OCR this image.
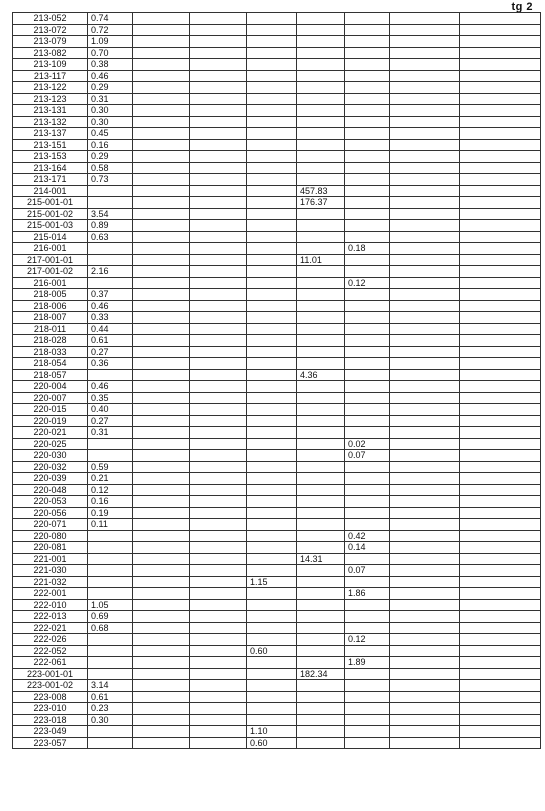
tg 2
213-052	0.74							
213-072	0.72							
213-079	1.09							
213-082	0.70							
213-109	0.38							
213-117	0.46							
213-122	0.29							
213-123	0.31							
213-131	0.30							
213-132	0.30							
213-137	0.45							
213-151	0.16							
213-153	0.29							
213-164	0.58							
213-171	0.73							
214-001					457.83			
215-001-01					176.37			
215-001-02	3.54							
215-001-03	0.89							
215-014	0.63							
216-001						0.18		
217-001-01					11.01			
217-001-02	2.16							
216-001						0.12		
218-005	0.37							
218-006	0.46							
218-007	0.33							
218-011	0.44							
218-028	0.61							
218-033	0.27							
218-054	0.36							
218-057					4.36			
220-004	0.46							
220-007	0.35							
220-015	0.40							
220-019	0.27							
220-021	0.31							
220-025						0.02		
220-030						0.07		
220-032	0.59							
220-039	0.21							
220-048	0.12							
220-053	0.16							
220-056	0.19							
220-071	0.11							
220-080						0.42		
220-081						0.14		
221-001					14.31			
221-030						0.07		
221-032				1.15				
222-001						1.86		
222-010	1.05							
222-013	0.69							
222-021	0.68							
222-026						0.12		
222-052				0.60				
222-061						1.89		
223-001-01					182.34			
223-001-02	3.14							
223-008	0.61							
223-010	0.23							
223-018	0.30							
223-049				1.10				
223-057				0.60				
